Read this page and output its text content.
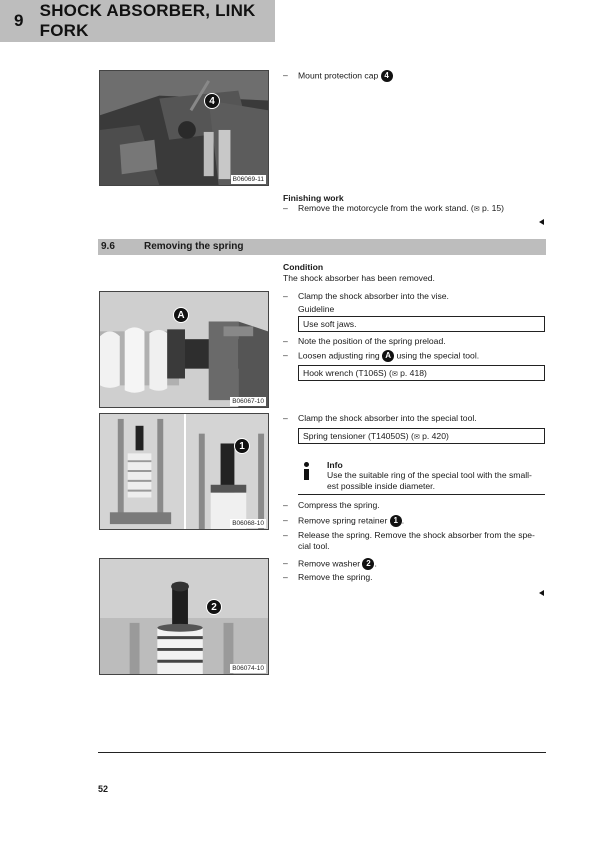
9
SHOCK ABSORBER, LINK FORK
4
B06069-11
– Mount protection cap 4
Finishing work
– Remove the motorcycle from the work stand. (✉ p. 15)
9.6	Removing the spring
Condition
The shock absorber has been removed.
A
B06067-10
– Clamp the shock absorber into the vise.
Guideline
Use soft jaws.
– Note the position of the spring preload.
– Loosen adjusting ring A using the special tool.
Hook wrench (T106S) (✉ p. 418)
1
B06068-10
– Clamp the shock absorber into the special tool.
Spring tensioner (T14050S) (✉ p. 420)
Info
Use the suitable ring of the special tool with the small-
est possible inside diameter.
– Compress the spring.
– Remove spring retainer 1 .
– Release the spring. Remove the shock absorber from the spe-
cial tool.
– Remove washer 2 .
– Remove the spring.
2
B06074-10
52
